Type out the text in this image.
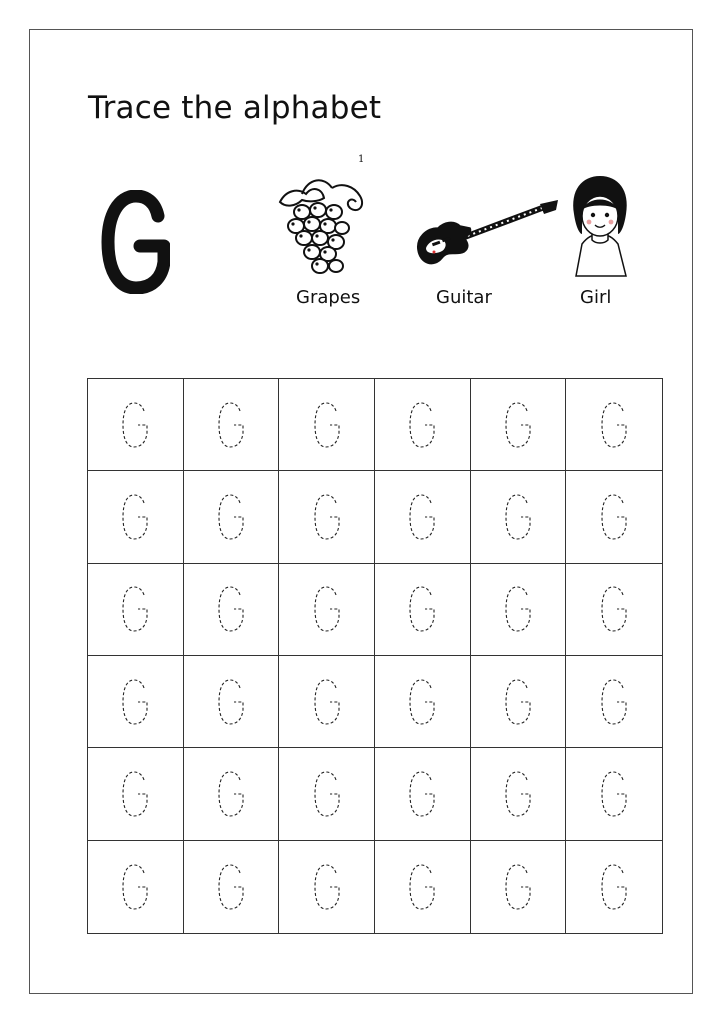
Trace the alphabet
1
Grapes	Guitar	Girl
